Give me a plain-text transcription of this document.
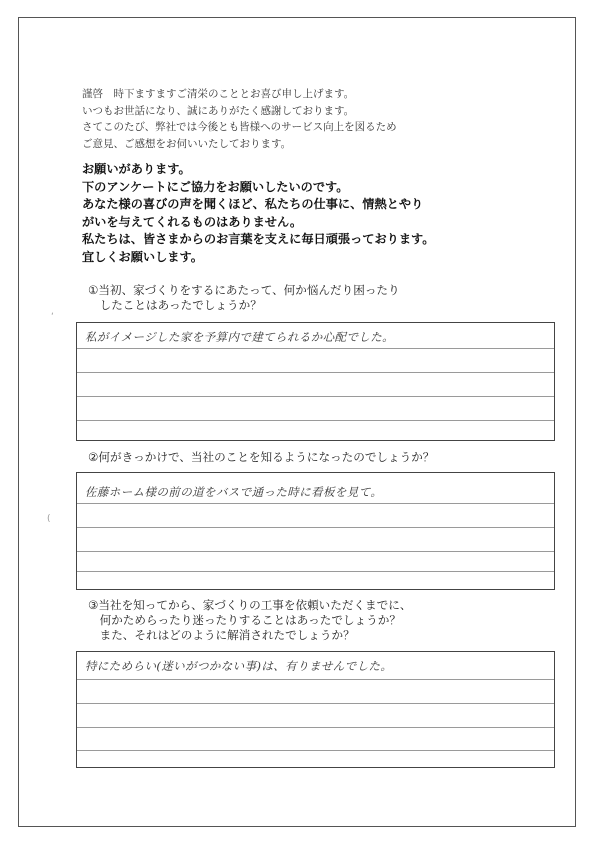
‘
(
謹啓　時下ますますご清栄のこととお喜び申し上げます。
いつもお世話になり、誠にありがたく感謝しております。
さてこのたび、弊社では今後とも皆様へのサービス向上を図るため
ご意見、ご感想をお伺いいたしております。
お願いがあります。
下のアンケートにご協力をお願いしたいのです。
あなた様の喜びの声を聞くほど、私たちの仕事に、情熱とやり
がいを与えてくれるものはありません。
私たちは、皆さまからのお言葉を支えに毎日頑張っております。
宜しくお願いします。
①当初、家づくりをするにあたって、何か悩んだり困ったり
　したことはあったでしょうか？
私がイメージした家を予算内で建てられるか心配でした。
②何がきっかけで、当社のことを知るようになったのでしょうか？
佐藤ホーム様の前の道をバスで通った時に看板を見て。
③当社を知ってから、家づくりの工事を依頼いただくまでに、
　何かためらったり迷ったりすることはあったでしょうか？
　また、それはどのように解消されたでしょうか？
特にためらい(迷いがつかない事)は、有りませんでした。
